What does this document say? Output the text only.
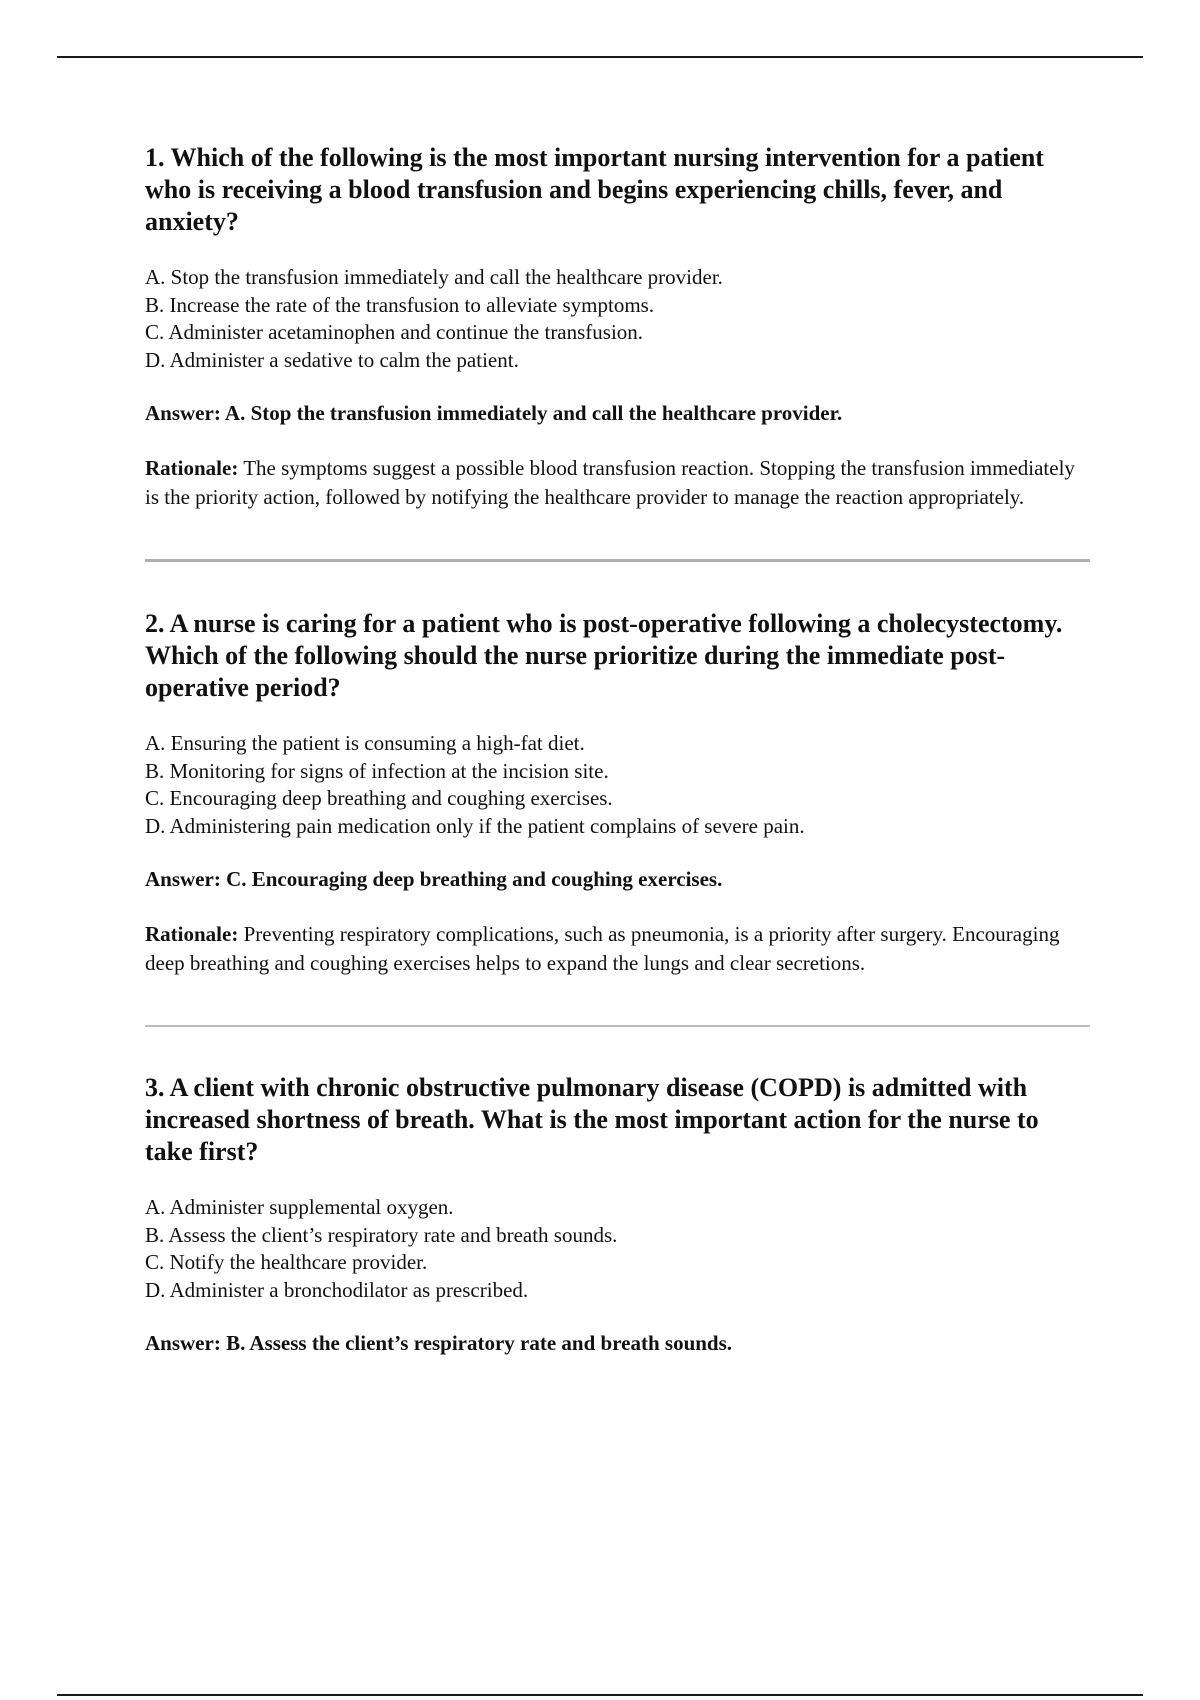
1. Which of the following is the most important nursing intervention for a patient who is receiving a blood transfusion and begins experiencing chills, fever, and anxiety?
A. Stop the transfusion immediately and call the healthcare provider.
B. Increase the rate of the transfusion to alleviate symptoms.
C. Administer acetaminophen and continue the transfusion.
D. Administer a sedative to calm the patient.

Answer: A. Stop the transfusion immediately and call the healthcare provider.

Rationale: The symptoms suggest a possible blood transfusion reaction. Stopping the transfusion immediately is the priority action, followed by notifying the healthcare provider to manage the reaction appropriately.

2. A nurse is caring for a patient who is post-operative following a cholecystectomy. Which of the following should the nurse prioritize during the immediate post-operative period?
A. Ensuring the patient is consuming a high-fat diet.
B. Monitoring for signs of infection at the incision site.
C. Encouraging deep breathing and coughing exercises.
D. Administering pain medication only if the patient complains of severe pain.

Answer: C. Encouraging deep breathing and coughing exercises.

Rationale: Preventing respiratory complications, such as pneumonia, is a priority after surgery. Encouraging deep breathing and coughing exercises helps to expand the lungs and clear secretions.

3. A client with chronic obstructive pulmonary disease (COPD) is admitted with increased shortness of breath. What is the most important action for the nurse to take first?
A. Administer supplemental oxygen.
B. Assess the client’s respiratory rate and breath sounds.
C. Notify the healthcare provider.
D. Administer a bronchodilator as prescribed.

Answer: B. Assess the client’s respiratory rate and breath sounds.
